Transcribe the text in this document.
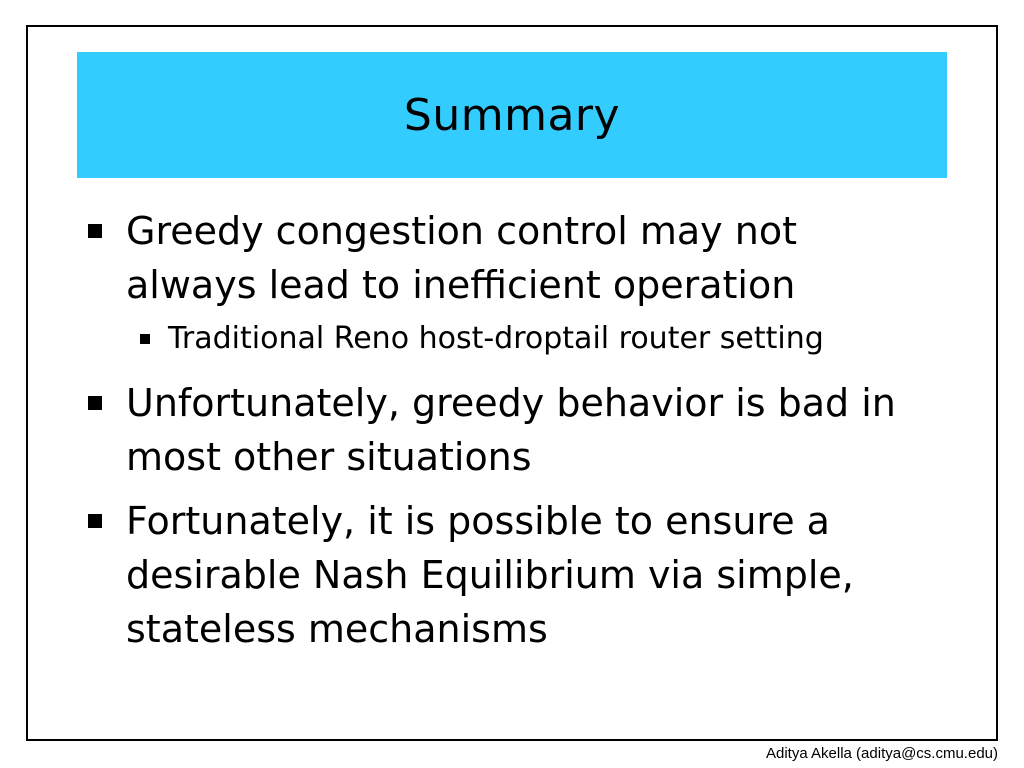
Summary
Greedy congestion control may not always lead to inefficient operation
Traditional Reno host-droptail router setting
Unfortunately, greedy behavior is bad in most other situations
Fortunately, it is possible to ensure a desirable Nash Equilibrium via simple, stateless mechanisms
Aditya Akella (aditya@cs.cmu.edu)
